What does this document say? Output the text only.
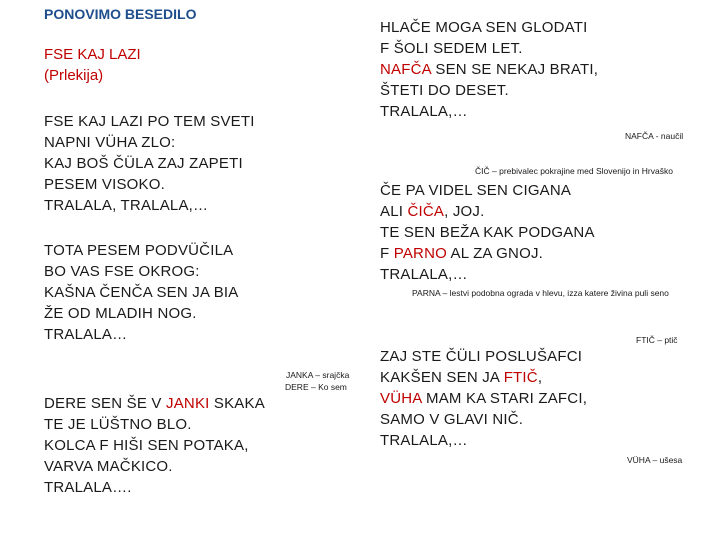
PONOVIMO BESEDILO
FSE KAJ LAZI
(Prlekija)
FSE KAJ LAZI PO TEM SVETI
NAPNI VÜHA ZLO:
KAJ BOŠ ČÜLA ZAJ ZAPETI
PESEM VISOKO.
TRALALA, TRALALA,…
TOTA PESEM PODVÜČILA
BO VAS FSE OKROG:
KAŠNA ČENČA SEN JA BIA
ŽE OD MLADIH NOG.
TRALALA…
DERE SEN ŠE V JANKI SKAKA
TE JE LÜŠTNO BLO.
KOLCA F HIŠI SEN POTAKA,
VARVA MAČKICO.
TRALALA….
JANKA – srajčka
DERE – Ko sem
HLAČE MOGA SEN GLODATI
F ŠOLI SEDEM LET.
NAFČA SEN SE NEKAJ BRATI,
ŠTETI DO DESET.
TRALALA,…
NAFČA - naučil
ČIČ – prebivalec pokrajine med Slovenijo in Hrvaško
ČE PA VIDEL SEN CIGANA
ALI ČIČA, JOJ.
TE SEN BEŽA KAK PODGANA
F PARNO AL ZA GNOJ.
TRALALA,…
PARNA – lestvi podobna ograda v hlevu, izza katere živina puli seno
FTIČ – ptič
ZAJ STE ČÜLI POSLUŠAFCI
KAKŠEN SEN JA FTIČ,
VÜHA MAM KA STARI ZAFCI,
SAMO V GLAVI NIČ.
TRALALA,…
VÜHA – ušesa
